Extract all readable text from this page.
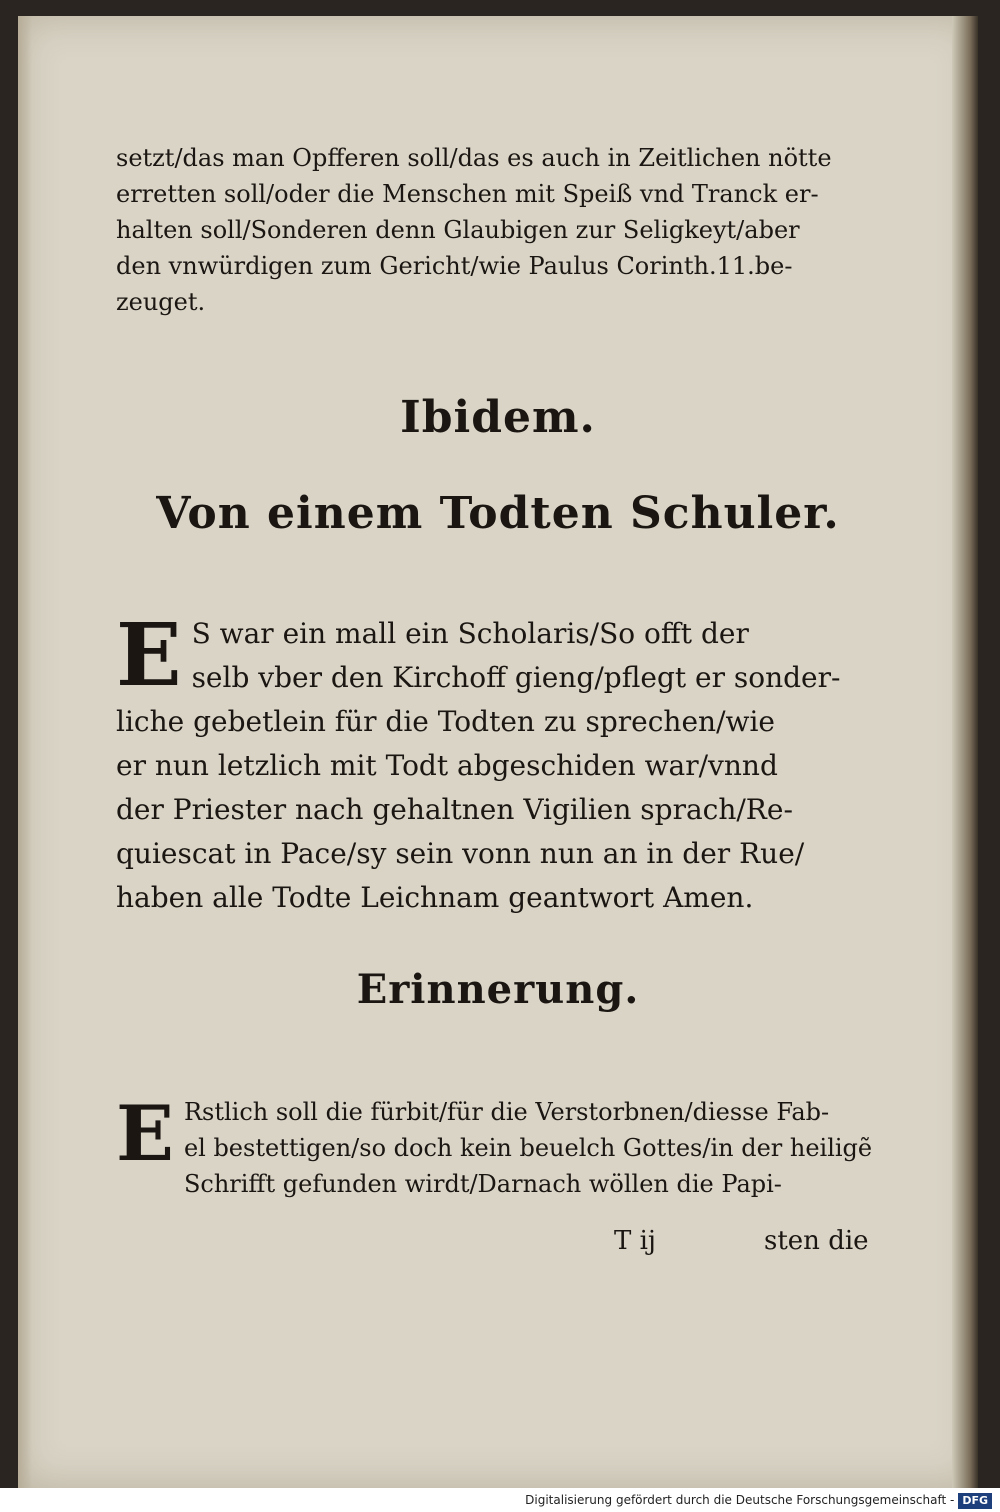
setzt/das man Opfferen soll/das es auch in Zeitlichen nötte
erretten soll/oder die Menschen mit Speiß vnd Tranck er-
halten soll/Sonderen denn Glaubigen zur Seligkeyt/aber
den vnwürdigen zum Gericht/wie Paulus Corinth.11.be-
zeuget.
Ibidem.
Von einem Todten Schuler.
E S war ein mall ein Scholaris/So offt der
selb vber den Kirchoff gieng/pflegt er sonder-
liche gebetlein für die Todten zu sprechen/wie
er nun letzlich mit Todt abgeschiden war/vnnd
der Priester nach gehaltnen Vigilien sprach/Re-
quiescat in Pace/sy sein vonn nun an in der Rue/
haben alle Todte Leichnam geantwort Amen.
Erinnerung.
E Rstlich soll die fürbit/für die Verstorbnen/diesse Fab-
el bestettigen/so doch kein beuelch Gottes/in der heiligẽ
Schrifft gefunden wirdt/Darnach wöllen die Papi-
T ij	sten die
Digitalisierung gefördert durch die Deutsche Forschungsgemeinschaft - DFG
